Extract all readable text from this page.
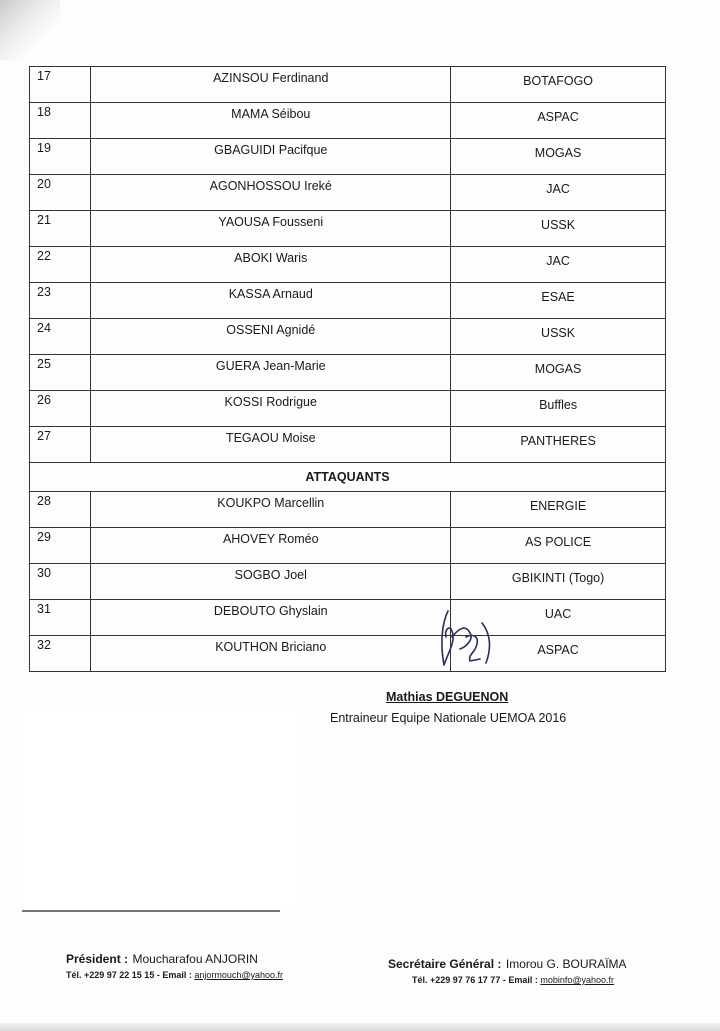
17	AZINSOU Ferdinand	BOTAFOGO
18	MAMA Séibou	ASPAC
19	GBAGUIDI Pacifque	MOGAS
20	AGONHOSSOU Ireké	JAC
21	YAOUSA Fousseni	USSK
22	ABOKI Waris	JAC
23	KASSA Arnaud	ESAE
24	OSSENI Agnidé	USSK
25	GUERA Jean-Marie	MOGAS
26	KOSSI Rodrigue	Buffles
27	TEGAOU Moise	PANTHERES
ATTAQUANTS		
28	KOUKPO Marcellin	ENERGIE
29	AHOVEY Roméo	AS POLICE
30	SOGBO Joel	GBIKINTI (Togo)
31	DEBOUTO Ghyslain	UAC
32	KOUTHON Briciano	ASPAC
Mathias DEGUENON
Entraineur Equipe Nationale UEMOA 2016
Président : Moucharafou ANJORIN
Tél. +229 97 22 15 15 - Email : anjormouch@yahoo.fr
Secrétaire Général : Imorou G. BOURAÏMA
Tél. +229 97 76 17 77 - Email : mobinfo@yahoo.fr
